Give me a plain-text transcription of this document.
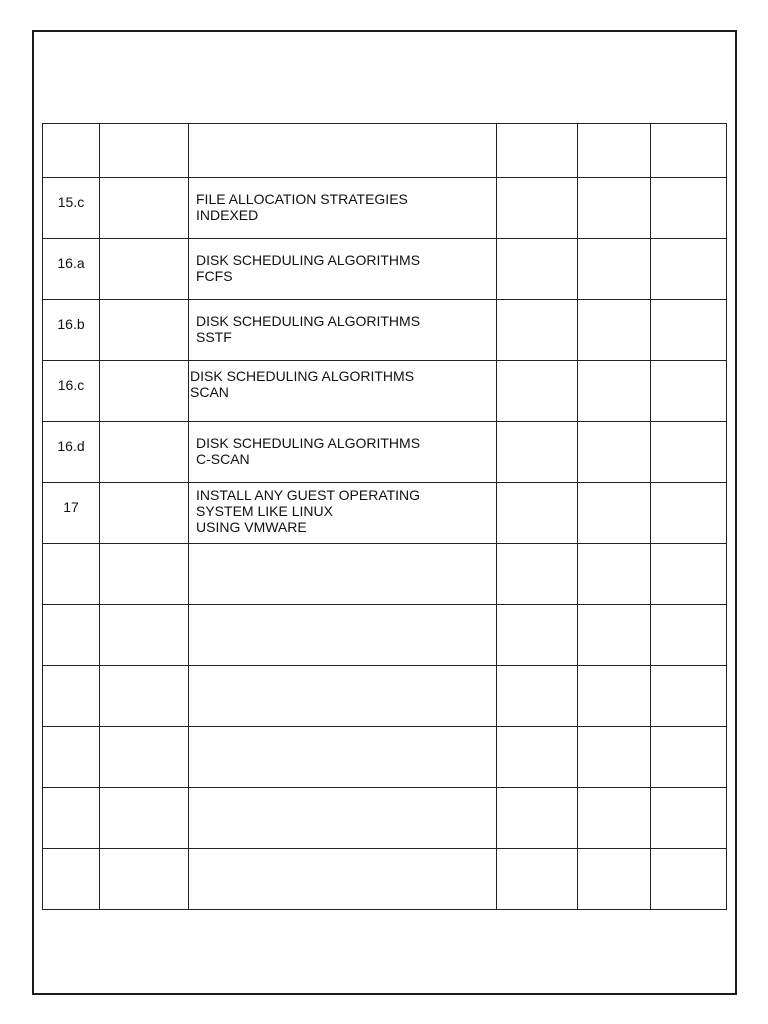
15.c		FILE ALLOCATION STRATEGIES
INDEXED			

16.a		DISK SCHEDULING ALGORITHMS
FCFS			

16.b		DISK SCHEDULING ALGORITHMS
SSTF			

16.c		DISK SCHEDULING ALGORITHMS
SCAN			

16.d		DISK SCHEDULING ALGORITHMS
C-SCAN			

17		INSTALL ANY GUEST OPERATING
SYSTEM LIKE LINUX
USING VMWARE			
